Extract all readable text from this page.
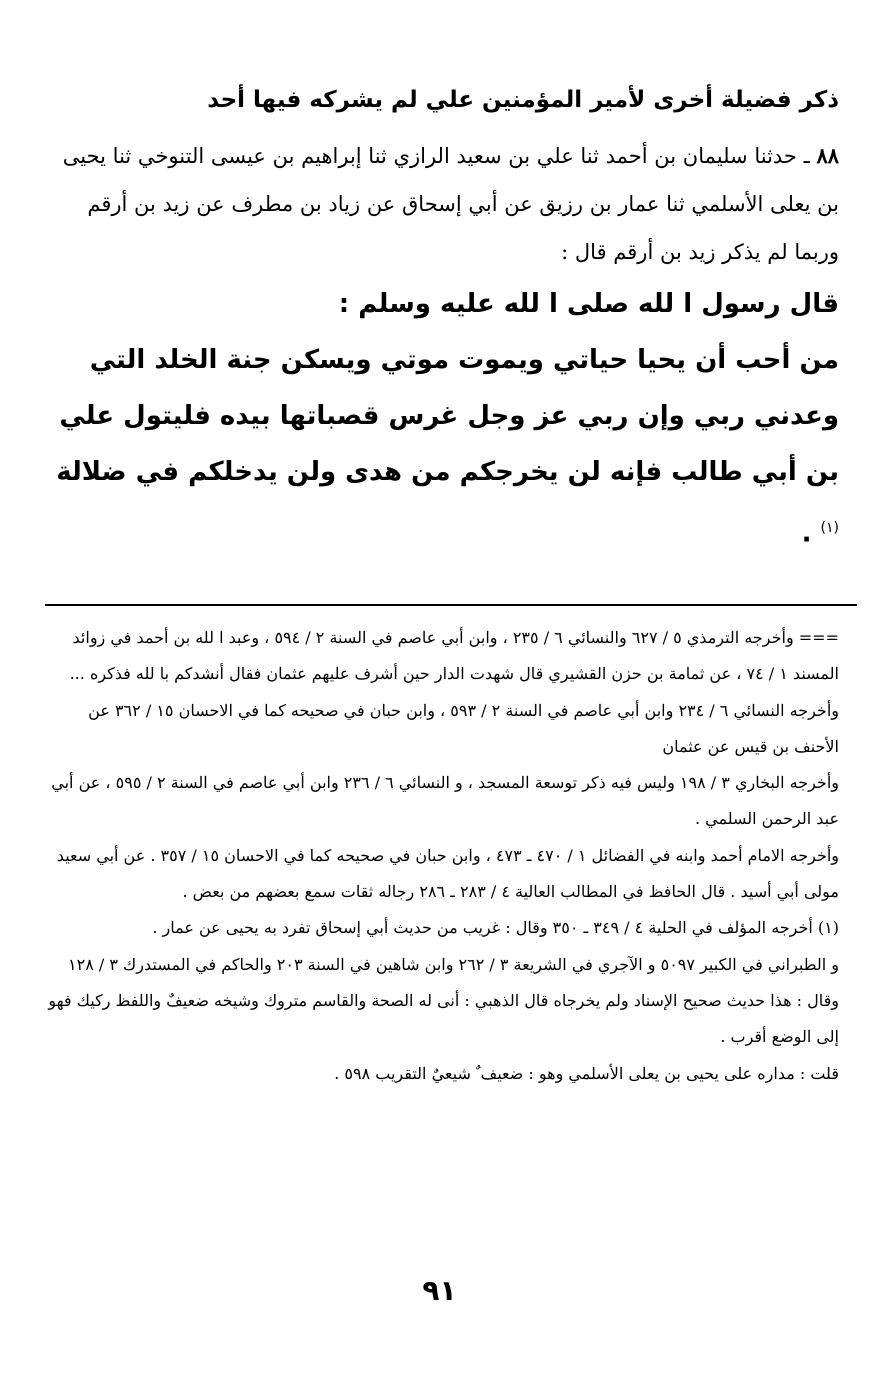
ذكر فضيلة أخرى لأمير المؤمنين علي لم يشركه فيها أحد
٨٨ ـ حدثنا سليمان بن أحمد ثنا علي بن سعيد الرازي ثنا إبراهيم بن عيسى التنوخي ثنا يحيى بن يعلى الأسلمي ثنا عمار بن رزيق عن أبي إسحاق عن زياد بن مطرف عن زيد بن أرقم وربما لم يذكر زيد بن أرقم قال :
قال رسول ا لله صلى ا لله عليه وسلم :
من أحب أن يحيا حياتي ويموت موتي ويسكن جنة الخلد التي وعدني ربي وإن ربي عز وجل غرس قصباتها بيده فليتول علي بن أبي طالب فإنه لن يخرجكم من هدى ولن يدخلكم في ضلالة $^{(١)}$ .

=== وأخرجه الترمذي ٥ / ٦٢٧ والنسائي ٦ / ٢٣٥ ، وابن أبي عاصم في السنة ٢ / ٥٩٤ ، وعبد ا لله بن أحمد في زوائد المسند ١ / ٧٤ ، عن ثمامة بن حزن القشيري قال شهدت الدار حين أشرف عليهم عثمان فقال أنشدكم با لله فذكره ...

وأخرجه النسائي ٦ / ٢٣٤ وابن أبي عاصم في السنة ٢ / ٥٩٣ ، وابن حبان في صحيحه كما في الاحسان ١٥ / ٣٦٢ عن الأحنف بن قيس عن عثمان

وأخرجه البخاري ٣ / ١٩٨ وليس فيه ذكر توسعة المسجد ، و النسائي ٦ / ٢٣٦ وابن أبي عاصم في السنة ٢ / ٥٩٥ ، عن أبي عبد الرحمن السلمي .

وأخرجه الامام أحمد وابنه في الفضائل ١ / ٤٧٠ ـ ٤٧٣ ، وابن حبان في صحيحه كما في الاحسان ١٥ / ٣٥٧ . عن أبي سعيد مولى أبي أسيد . قال الحافظ في المطالب العالية ٤ / ٢٨٣ ـ ٢٨٦ رجاله ثقات سمع بعضهم من بعض .

(١) أخرجه المؤلف في الحلية ٤ / ٣٤٩ ـ ٣٥٠ وقال : غريب من حديث أبي إسحاق تفرد به يحيى عن عمار .

و الطبراني في الكبير ٥٠٩٧ و الآجري في الشريعة ٣ / ٢٦٢ وابن شاهين في السنة ٢٠٣ والحاكم في المستدرك ٣ / ١٢٨ وقال : هذا حديث صحيح الإسناد ولم يخرجاه قال الذهبي : أنى له الصحة والقاسم متروك وشيخه ضعيفٌ واللفظ ركيك فهو إلى الوضع أقرب .

قلت : مداره على يحيى بن يعلى الأسلمي وهو : ضعيف ٌ شيعيٌ التقريب ٥٩٨ .

٩١
